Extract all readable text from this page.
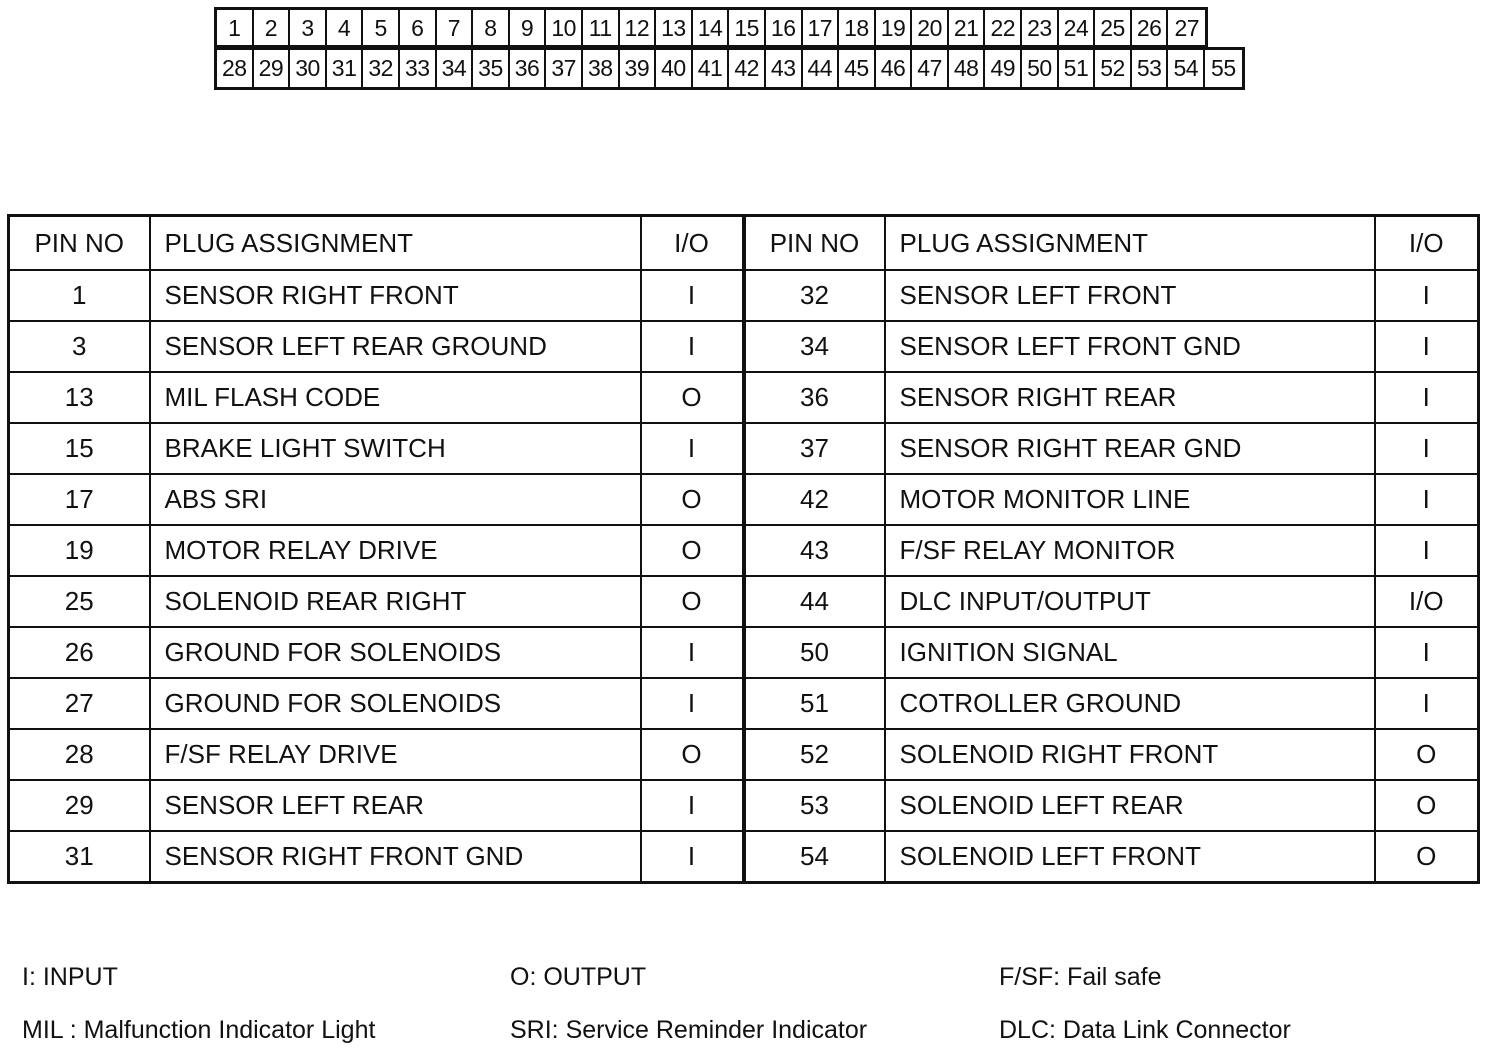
1	2	3	4	5	6	7	8	9 10 11 12 13 14 15 16 17 18 19 20 21 22 23 24 25 26 27
28 29 30 31 32 33 34 35 36 37 38 39 40 41 42 43 44 45 46 47 48 49 50 51 52 53 54 55
PIN NO	PLUG ASSIGNMENT	I/O	PIN NO	PLUG ASSIGNMENT	I/O
1	SENSOR RIGHT FRONT	I	32	SENSOR LEFT FRONT	I
3	SENSOR LEFT REAR GROUND	I	34	SENSOR LEFT FRONT GND	I
13	MIL FLASH CODE	O	36	SENSOR RIGHT REAR	I
15	BRAKE LIGHT SWITCH	I	37	SENSOR RIGHT REAR GND	I
17	ABS SRI	O	42	MOTOR MONITOR LINE	I
19	MOTOR RELAY DRIVE	O	43	F/SF RELAY MONITOR	I
25	SOLENOID REAR RIGHT	O	44	DLC INPUT/OUTPUT	I/O
26	GROUND FOR SOLENOIDS	I	50	IGNITION SIGNAL	I
27	GROUND FOR SOLENOIDS	I	51	COTROLLER GROUND	I
28	F/SF RELAY DRIVE	O	52	SOLENOID RIGHT FRONT	O
29	SENSOR LEFT REAR	I	53	SOLENOID LEFT REAR	O
31	SENSOR RIGHT FRONT GND	I	54	SOLENOID LEFT FRONT	O
I: INPUT	O: OUTPUT	F/SF: Fail safe
MIL : Malfunction Indicator Light	SRI: Service Reminder Indicator	DLC: Data Link Connector
